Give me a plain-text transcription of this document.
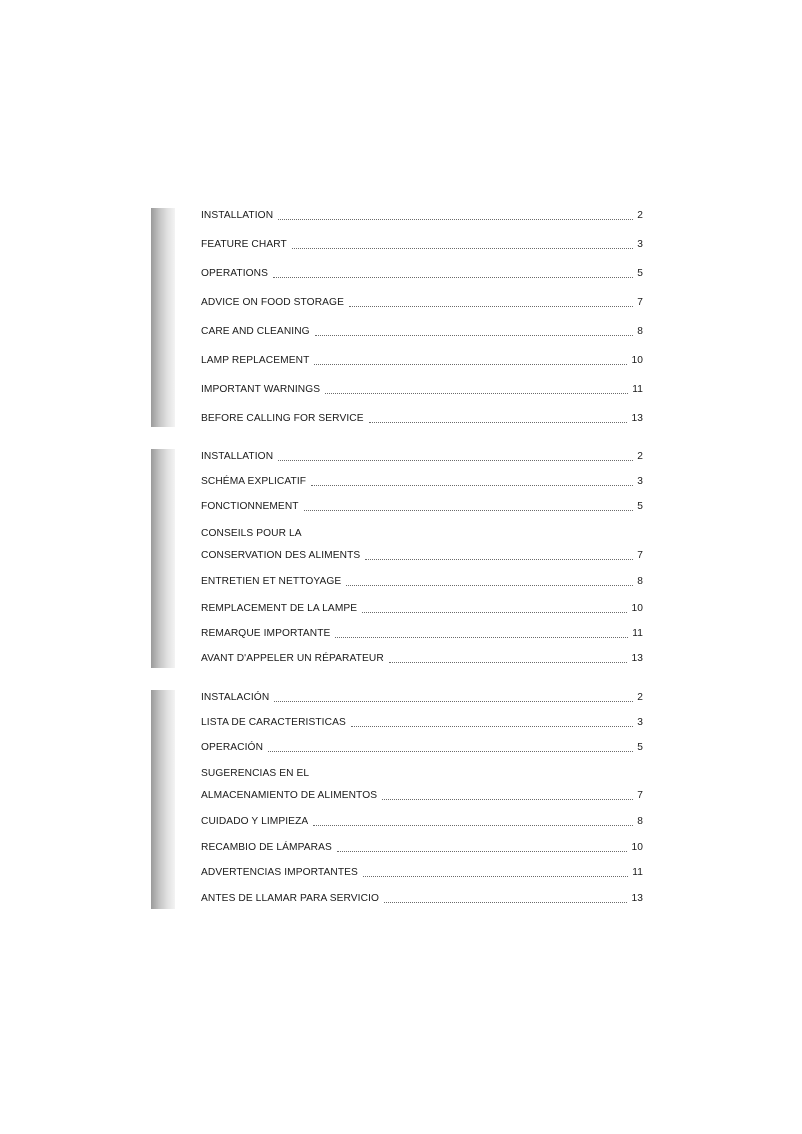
INSTALLATION	2
FEATURE CHART	3
OPERATIONS	5
ADVICE ON FOOD STORAGE	7
CARE AND CLEANING	8
LAMP REPLACEMENT	10
IMPORTANT WARNINGS	11
BEFORE CALLING FOR SERVICE	13
INSTALLATION	2
SCHÉMA EXPLICATIF	3
FONCTIONNEMENT	5
CONSEILS POUR LA
CONSERVATION DES ALIMENTS	7
ENTRETIEN ET NETTOYAGE	8
REMPLACEMENT DE LA LAMPE	10
REMARQUE IMPORTANTE	11
AVANT D'APPELER UN RÉPARATEUR	13
INSTALACIÓN	2
LISTA DE CARACTERISTICAS	3
OPERACIÓN	5
SUGERENCIAS EN EL
ALMACENAMIENTO DE ALIMENTOS	7
CUIDADO Y LIMPIEZA	8
RECAMBIO DE LÁMPARAS	10
ADVERTENCIAS IMPORTANTES	11
ANTES DE LLAMAR PARA SERVICIO	13
